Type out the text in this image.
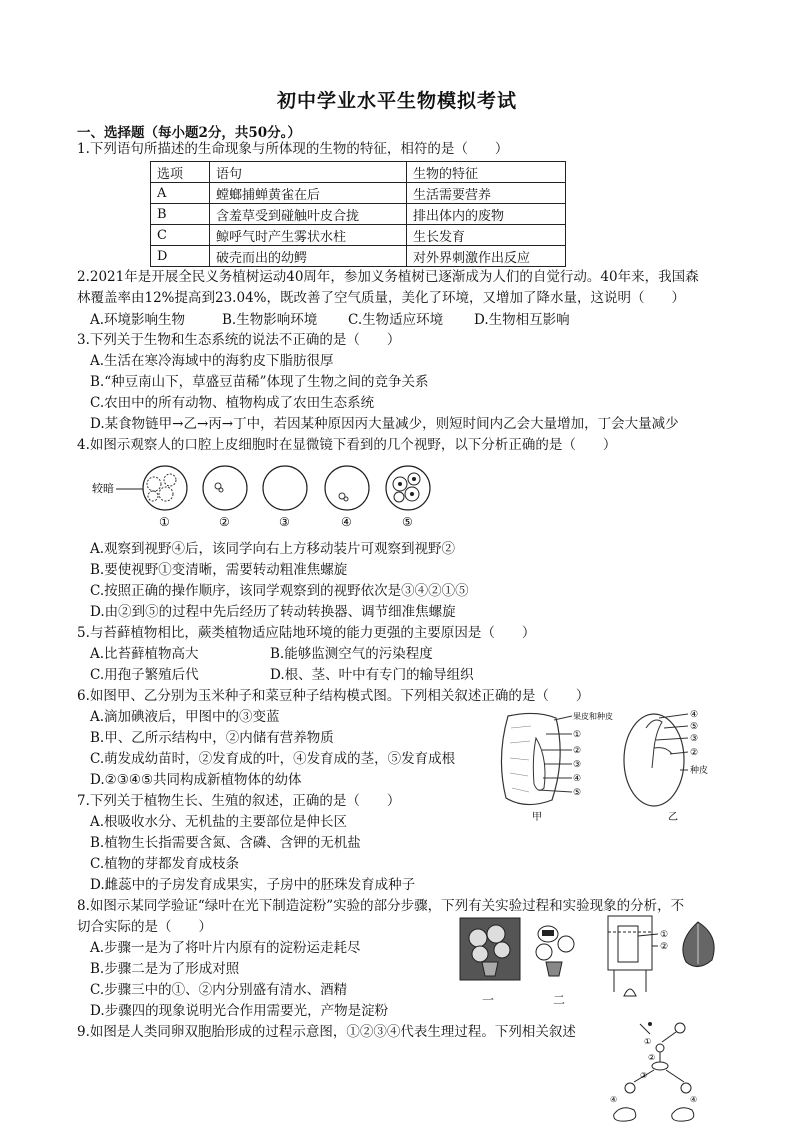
初中学业水平生物模拟考试
一、选择题（每小题2分，共50分。）
1.下列语句所描述的生命现象与所体现的生物的特征，相符的是（　　）
选项	语句	生物的特征
A	螳螂捕蝉黄雀在后	生活需要营养
B	含羞草受到碰触叶皮合拢	排出体内的废物
C	鲸呼气时产生雾状水柱	生长发育
D	破壳而出的幼鳄	对外界刺激作出反应
2.2021年是开展全民义务植树运动40周年，参加义务植树已逐渐成为人们的自觉行动。40年来，我国森
林覆盖率由12%提高到23.04%，既改善了空气质量，美化了环境，又增加了降水量，这说明（　　）
A.环境影响生物	B.生物影响环境 C.生物适应环境 D.生物相互影响
3.下列关于生物和生态系统的说法不正确的是（　　）
A.生活在寒冷海域中的海豹皮下脂肪很厚
B.“种豆南山下，草盛豆苗稀”体现了生物之间的竞争关系
C.农田中的所有动物、植物构成了农田生态系统
D.某食物链甲→乙→丙→丁中，若因某种原因丙大量减少，则短时间内乙会大量增加，丁会大量减少
4.如图示观察人的口腔上皮细胞时在显微镜下看到的几个视野，以下分析正确的是（　　）
较暗
①	②	③	④	⑤
A.观察到视野④后，该同学向右上方移动装片可观察到视野②
B.要使视野①变清晰，需要转动粗准焦螺旋
C.按照正确的操作顺序，该同学观察到的视野依次是③④②①⑤
D.由②到⑤的过程中先后经历了转动转换器、调节细准焦螺旋
5.与苔藓植物相比，蕨类植物适应陆地环境的能力更强的主要原因是（　　）
A.比苔藓植物高大	B.能够监测空气的污染程度
C.用孢子繁殖后代	D.根、茎、叶中有专门的输导组织
6.如图甲、乙分别为玉米种子和菜豆种子结构模式图。下列相关叙述正确的是（　　）
A.滴加碘液后，甲图中的③变蓝
B.甲、乙所示结构中，②内储有营养物质
C.萌发成幼苗时，②发育成的叶，④发育成的茎，⑤发育成根
D.②③④⑤共同构成新植物体的幼体
果皮和种皮
①
②
③
④
⑤
甲
④
⑤
③
②
种皮
乙
7.下列关于植物生长、生殖的叙述，正确的是（　　）
A.根吸收水分、无机盐的主要部位是伸长区
B.植物生长指需要含氮、含磷、含钾的无机盐
C.植物的芽都发育成枝条
D.雌蕊中的子房发育成果实，子房中的胚珠发育成种子
8.如图示某同学验证“绿叶在光下制造淀粉”实验的部分步骤，下列有关实验过程和实验现象的分析，不
切合实际的是（　　）
A.步骤一是为了将叶片内原有的淀粉运走耗尽
B.步骤二是为了形成对照
C.步骤三中的①、②内分别盛有清水、酒精
D.步骤四的现象说明光合作用需要光，产物是淀粉
一	二
①
②
9.如图是人类同卵双胞胎形成的过程示意图，①②③④代表生理过程。下列相关叙述
①
②
③
④	④
